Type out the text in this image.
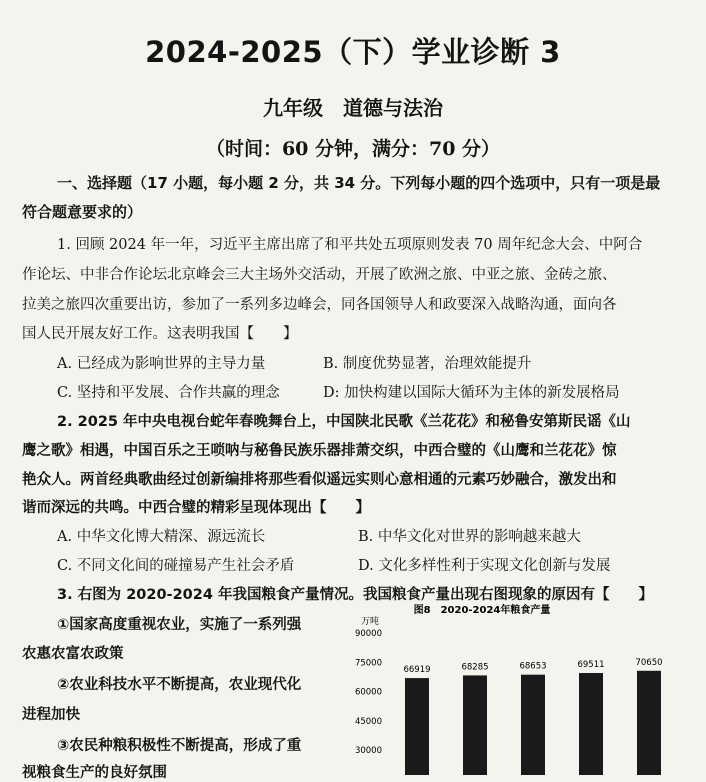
2024-2025（下）学业诊断 3
九年级　道德与法治
（时间：60 分钟，满分：70 分）
一、选择题（17 小题，每小题 2 分，共 34 分。下列每小题的四个选项中，只有一项是最
符合题意要求的）
1. 回顾 2024 年一年，习近平主席出席了和平共处五项原则发表 70 周年纪念大会、中阿合
作论坛、中非合作论坛北京峰会三大主场外交活动，开展了欧洲之旅、中亚之旅、金砖之旅、
拉美之旅四次重要出访，参加了一系列多边峰会，同各国领导人和政要深入战略沟通，面向各
国人民开展友好工作。这表明我国【　　】
A. 已经成为影响世界的主导力量	B. 制度优势显著，治理效能提升
C. 坚持和平发展、合作共赢的理念	D: 加快构建以国际大循环为主体的新发展格局
2. 2025 年中央电视台蛇年春晚舞台上，中国陕北民歌《兰花花》和秘鲁安第斯民谣《山
鹰之歌》相遇，中国百乐之王唢呐与秘鲁民族乐器排萧交织，中西合璧的《山鹰和兰花花》惊
艳众人。两首经典歌曲经过创新编排将那些看似遥远实则心意相通的元素巧妙融合，激发出和
谐而深远的共鸣。中西合璧的精彩呈现体现出【　　】
A. 中华文化博大精深、源远流长	B. 中华文化对世界的影响越来越大
C. 不同文化间的碰撞易产生社会矛盾	D. 文化多样性利于实现文化创新与发展
3. 右图为 2020-2024 年我国粮食产量情况。我国粮食产量出现右图现象的原因有【　　】
①国家高度重视农业，实施了一系列强
农惠农富农政策
②农业科技水平不断提高，农业现代化
进程加快
③农民种粮积极性不断提高，形成了重
视粮食生产的良好氛围
图8　2020-2024年粮食产量
万吨
90000
75000
60000
45000
30000
66919	68285	68653	69511	70650
